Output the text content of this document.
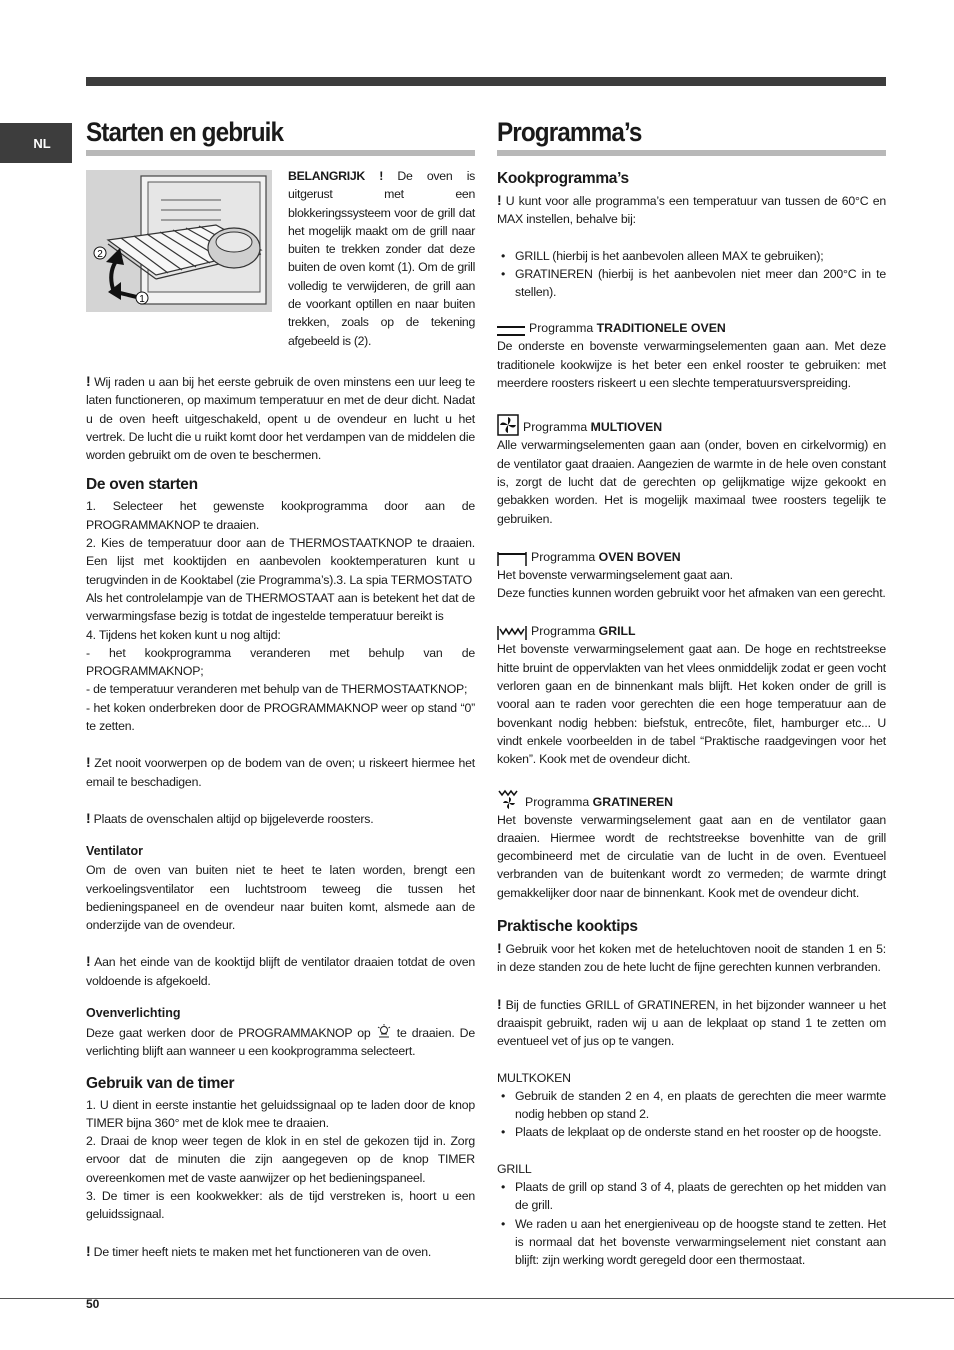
NL Starten en gebruik
2
1
BELANGRIJK ! De oven is uitgerust met een blokkeringssysteem voor de grill dat het mogelijk maakt om de grill naar buiten te trekken zonder dat deze buiten de oven komt (1). Om de grill volledig te verwijderen, de grill aan de voorkant optillen en naar buiten trekken, zoals op de tekening afgebeeld is (2).

! Wij raden u aan bij het eerste gebruik de oven minstens een uur leeg te laten functioneren, op maximum temperatuur en met de deur dicht. Nadat u de oven heeft uitgeschakeld, opent u de ovendeur en lucht u het vertrek. De lucht die u ruikt komt door het verdampen van de middelen die worden gebruikt om de oven te beschermen.

De oven starten
1. Selecteer het gewenste kookprogramma door aan de PROGRAMMAKNOP te draaien.
2. Kies de temperatuur door aan de THERMOSTAATKNOP te draaien. Een lijst met kooktijden en aanbevolen kooktemperaturen kunt u terugvinden in de Kooktabel (zie Programma’s).3. La spia TERMOSTATO
Als het controlelampje van de THERMOSTAAT aan is betekent het dat de verwarmingsfase bezig is totdat de ingestelde temperatuur bereikt is
4. Tijdens het koken kunt u nog altijd:
- het kookprogramma veranderen met behulp van de PROGRAMMAKNOP;
- de temperatuur veranderen met behulp van de THERMOSTAATKNOP;
- het koken onderbreken door de PROGRAMMAKNOP weer op stand “0” te zetten.

! Zet nooit voorwerpen op de bodem van de oven; u riskeert hiermee het email te beschadigen.

! Plaats de ovenschalen altijd op bijgeleverde roosters.

Ventilator

Om de oven van buiten niet te heet te laten worden, brengt een verkoelingsventilator een luchtstroom teweeg die tussen het bedieningspaneel en de ovendeur naar buiten komt, alsmede aan de onderzijde van de ovendeur.

! Aan het einde van de kooktijd blijft de ventilator draaien totdat de oven voldoende is afgekoeld.

Ovenverlichting

Deze gaat werken door de PROGRAMMAKNOP op  te draaien. De verlichting blijft aan wanneer u een kookprogramma selecteert.

Gebruik van de timer
1. U dient in eerste instantie het geluidssignaal op te laden door de knop TIMER bijna 360° met de klok mee te draaien.
2. Draai de knop weer tegen de klok in en stel de gekozen tijd in. Zorg ervoor dat de minuten die zijn aangegeven op de knop TIMER overeenkomen met de vaste aanwijzer op het bedieningspaneel.
3. De timer is een kookwekker: als de tijd verstreken is, hoort u een geluidssignaal.

! De timer heeft niets te maken met het functioneren van de oven.

Programma’s
Kookprogramma’s

! U kunt voor alle programma’s een temperatuur van tussen de 60°C en MAX instellen, behalve bij:

• GRILL (hierbij is het aanbevolen alleen MAX te gebruiken);
• GRATINEREN (hierbij is het aanbevolen niet meer dan 200°C in te stellen).
Programma TRADITIONELE OVEN

De onderste en bovenste verwarmingselementen gaan aan. Met deze traditionele kookwijze is het beter een enkel rooster te gebruiken: met meerdere roosters riskeert u een slechte temperatuursverspreiding.

Programma MULTIOVEN

Alle verwarmingselementen gaan aan (onder, boven en cirkelvormig) en de ventilator gaat draaien. Aangezien de warmte in de hele oven constant is, zorgt de lucht dat de gerechten op gelijkmatige wijze gekookt en gebakken worden. Het is mogelijk maximaal twee roosters tegelijk te gebruiken.

Programma OVEN BOVEN

Het bovenste verwarmingselement gaat aan.
Deze functies kunnen worden gebruikt voor het afmaken van een gerecht.

Programma GRILL

Het bovenste verwarmingselement gaat aan. De hoge en rechtstreekse hitte bruint de oppervlakten van het vlees onmiddelijk zodat er geen vocht verloren gaan en de binnenkant mals blijft. Het koken onder de grill is vooral aan te raden voor gerechten die een hoge temperatuur aan de bovenkant nodig hebben: biefstuk, entrecôte, filet, hamburger etc... U vindt enkele voorbeelden in de tabel “Praktische raadgevingen voor het koken”. Kook met de ovendeur dicht.

Programma GRATINEREN

Het bovenste verwarmingselement gaat aan en de ventilator gaan draaien. Hiermee wordt de rechtstreekse bovenhitte van de grill gecombineerd met de circulatie van de lucht in de oven. Eventueel verbranden van de buitenkant wordt zo vermeden; de warmte dringt gemakkelijker door naar de binnenkant. Kook met de ovendeur dicht.

Praktische kooktips

! Gebruik voor het koken met de heteluchtoven nooit de standen 1 en 5: in deze standen zou de hete lucht de fijne gerechten kunnen verbranden.

! Bij de functies GRILL of GRATINEREN, in het bijzonder wanneer u het draaispit gebruikt, raden wij u aan de lekplaat op stand 1 te zetten om eventueel vet of jus op te vangen.

MULTKOKEN
• Gebruik de standen 2 en 4, en plaats de gerechten die meer warmte nodig hebben op stand 2.
• Plaats de lekplaat op de onderste stand en het rooster op de hoogste.
GRILL
• Plaats de grill op stand 3 of 4, plaats de gerechten op het midden van de grill.
• We raden u aan het energieniveau op de hoogste stand te zetten. Het is normaal dat het bovenste verwarmingselement niet constant aan blijft: zijn werking wordt geregeld door een thermostaat.
50
